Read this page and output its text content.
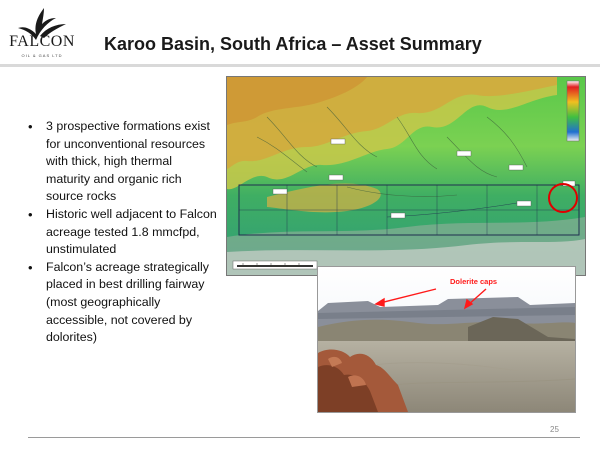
FALCON
OIL & GAS LTD
Karoo Basin, South Africa – Asset Summary
• 3 prospective formations exist for unconventional resources with thick, high thermal maturity and organic rich source rocks
• Historic well adjacent to Falcon acreage tested 1.8 mmcfpd, unstimulated
• Falcon’s acreage strategically placed in best drilling fairway (most geographically accessible, not covered by dolorites)
Dolerite caps
25
